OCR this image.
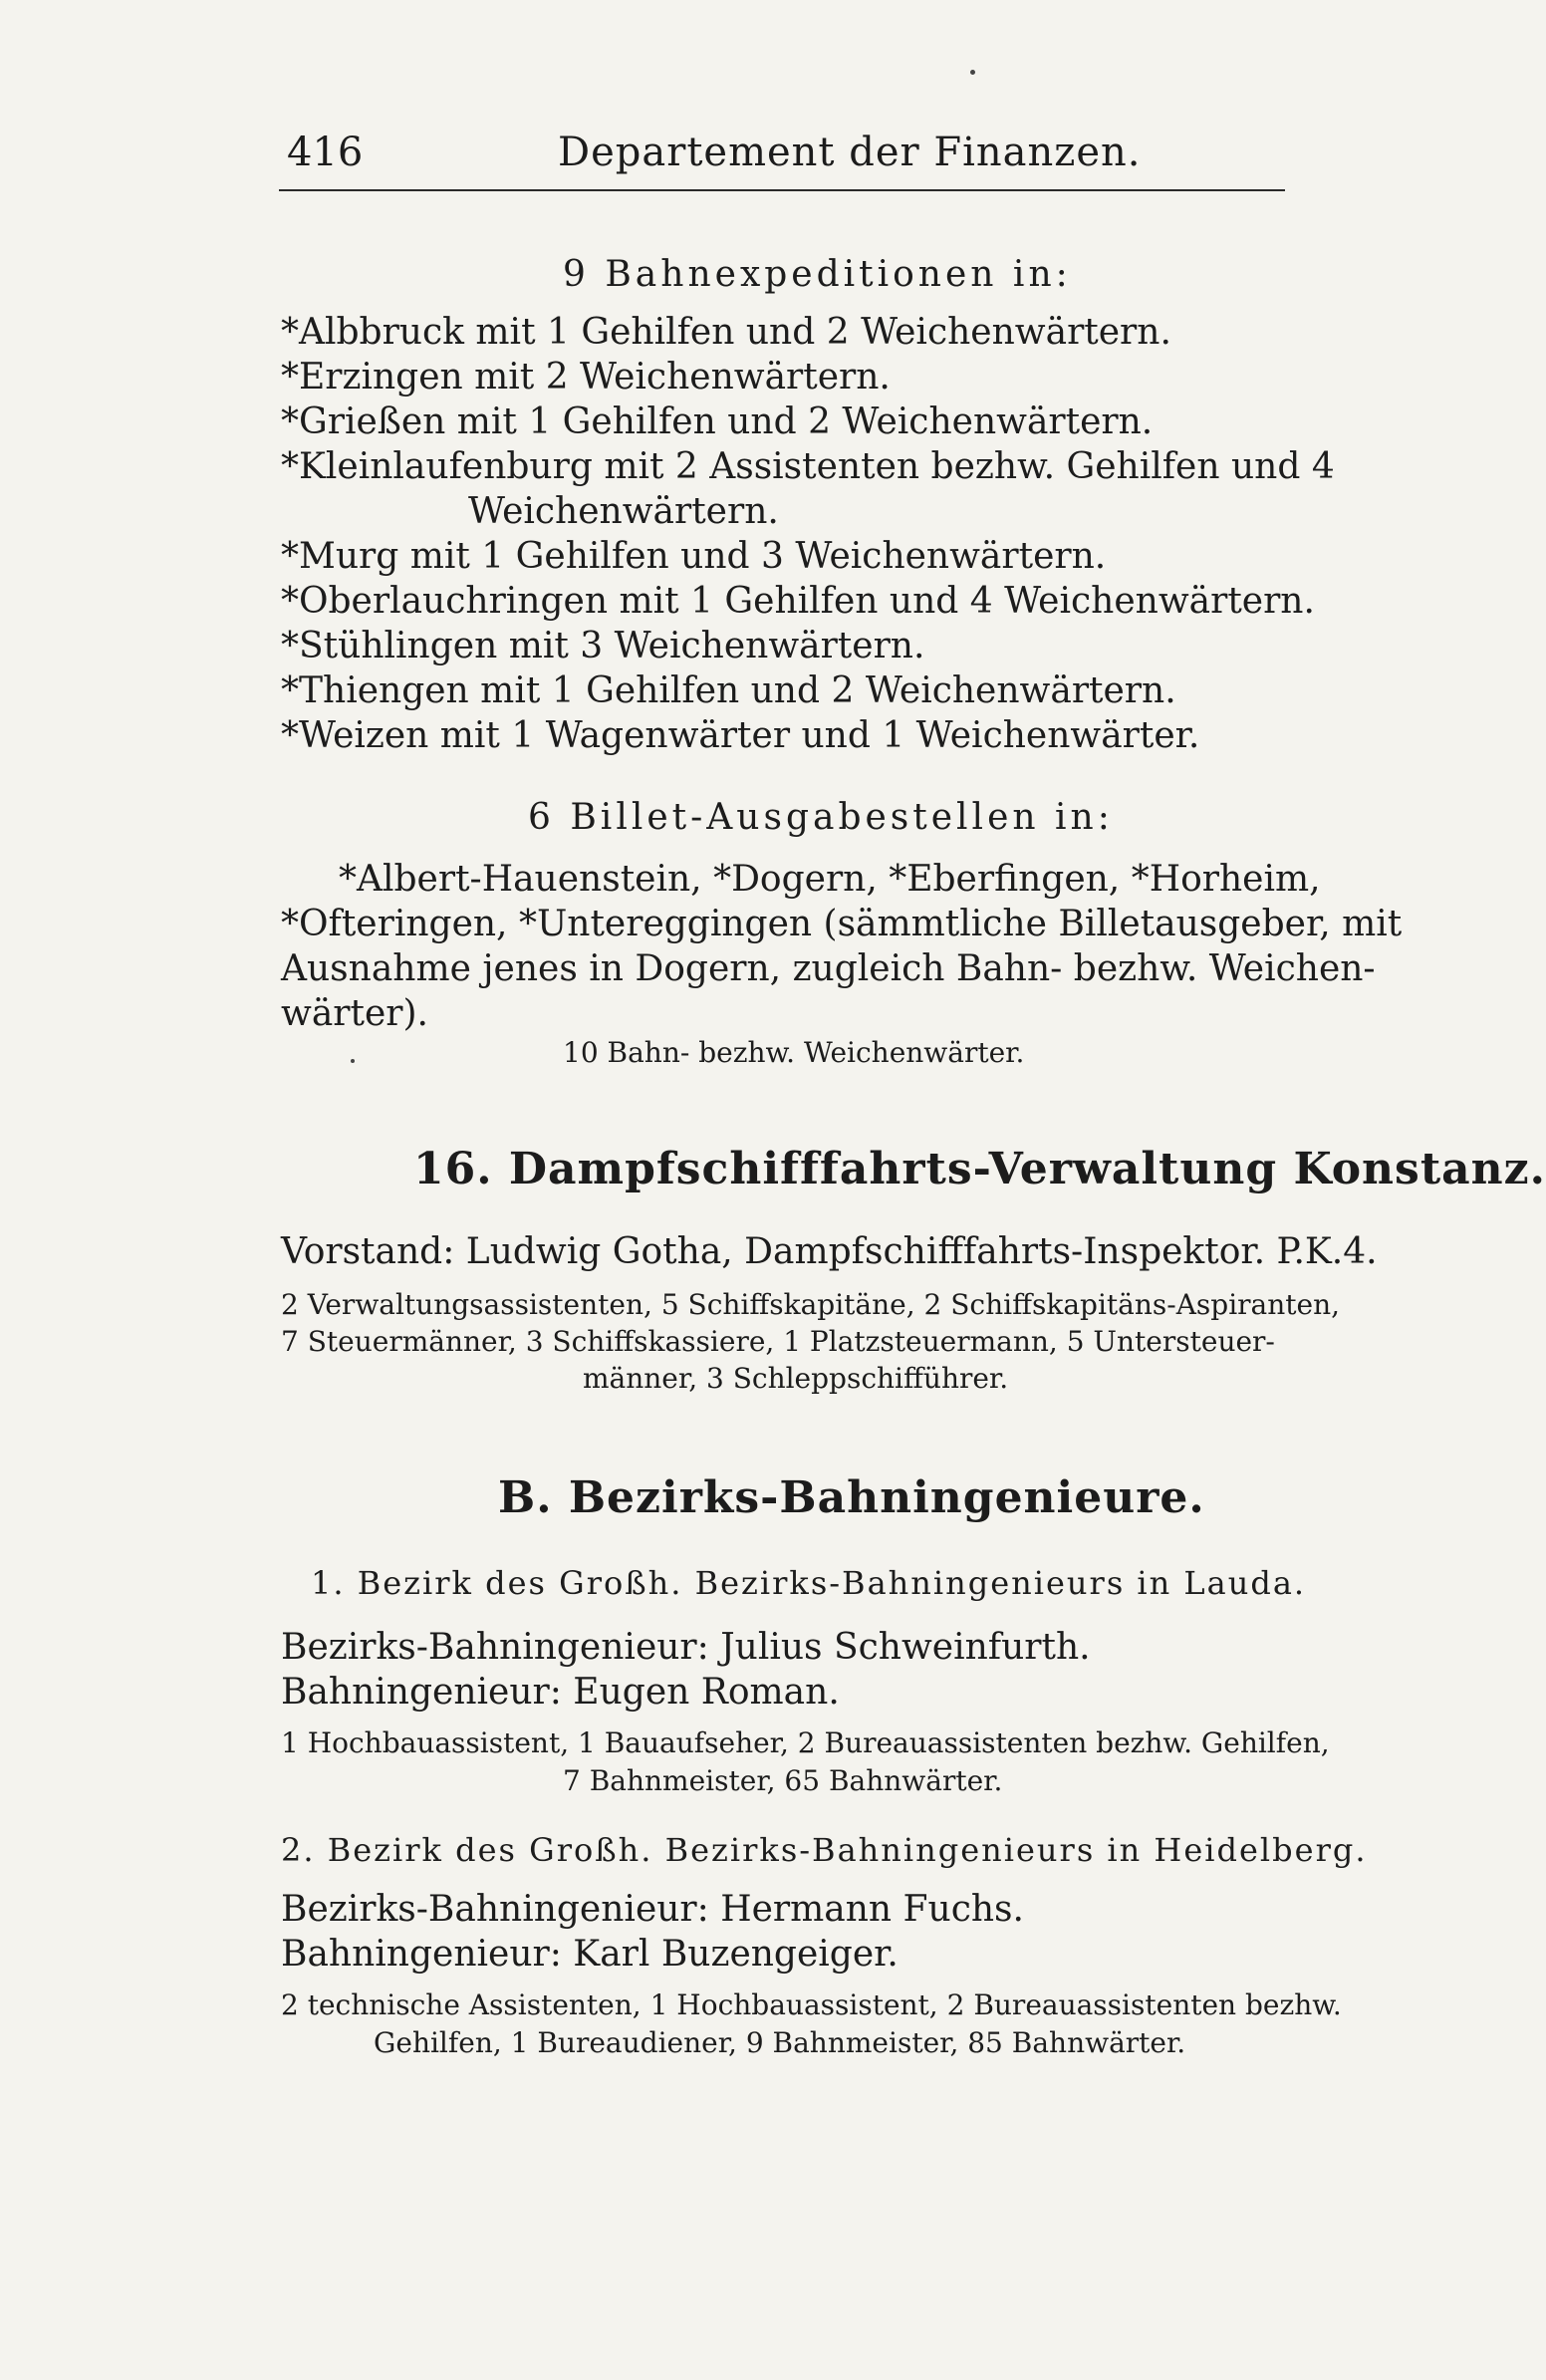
416	Departement der Finanzen.
9 Bahnexpeditionen in:
*Albbruck mit 1 Gehilfen und 2 Weichenwärtern.
*Erzingen mit 2 Weichenwärtern.
*Grießen mit 1 Gehilfen und 2 Weichenwärtern.
*Kleinlaufenburg mit 2 Assistenten bezhw. Gehilfen und 4
Weichenwärtern.
*Murg mit 1 Gehilfen und 3 Weichenwärtern.
*Oberlauchringen mit 1 Gehilfen und 4 Weichenwärtern.
*Stühlingen mit 3 Weichenwärtern.
*Thiengen mit 1 Gehilfen und 2 Weichenwärtern.
*Weizen mit 1 Wagenwärter und 1 Weichenwärter.
6 Billet-Ausgabestellen in:
*Albert-Hauenstein, *Dogern, *Eberfingen, *Horheim,
*Ofteringen, *Untereggingen (sämmtliche Billetausgeber, mit
Ausnahme jenes in Dogern, zugleich Bahn- bezhw. Weichen-
wärter).
10 Bahn- bezhw. Weichenwärter.
16. Dampfschifffahrts-Verwaltung Konstanz.
Vorstand: Ludwig Gotha, Dampfschifffahrts-Inspektor. P.K.4.
2 Verwaltungsassistenten, 5 Schiffskapitäne, 2 Schiffskapitäns-Aspiranten,
7 Steuermänner, 3 Schiffskassiere, 1 Platzsteuermann, 5 Untersteuer-
männer, 3 Schleppschifführer.
B. Bezirks-Bahningenieure.
1. Bezirk des Großh. Bezirks-Bahningenieurs in Lauda.
Bezirks-Bahningenieur: Julius Schweinfurth.
Bahningenieur: Eugen Roman.
1 Hochbauassistent, 1 Bauaufseher, 2 Bureauassistenten bezhw. Gehilfen,
7 Bahnmeister, 65 Bahnwärter.
2. Bezirk des Großh. Bezirks-Bahningenieurs in Heidelberg.
Bezirks-Bahningenieur: Hermann Fuchs.
Bahningenieur: Karl Buzengeiger.
2 technische Assistenten, 1 Hochbauassistent, 2 Bureauassistenten bezhw.
Gehilfen, 1 Bureaudiener, 9 Bahnmeister, 85 Bahnwärter.
